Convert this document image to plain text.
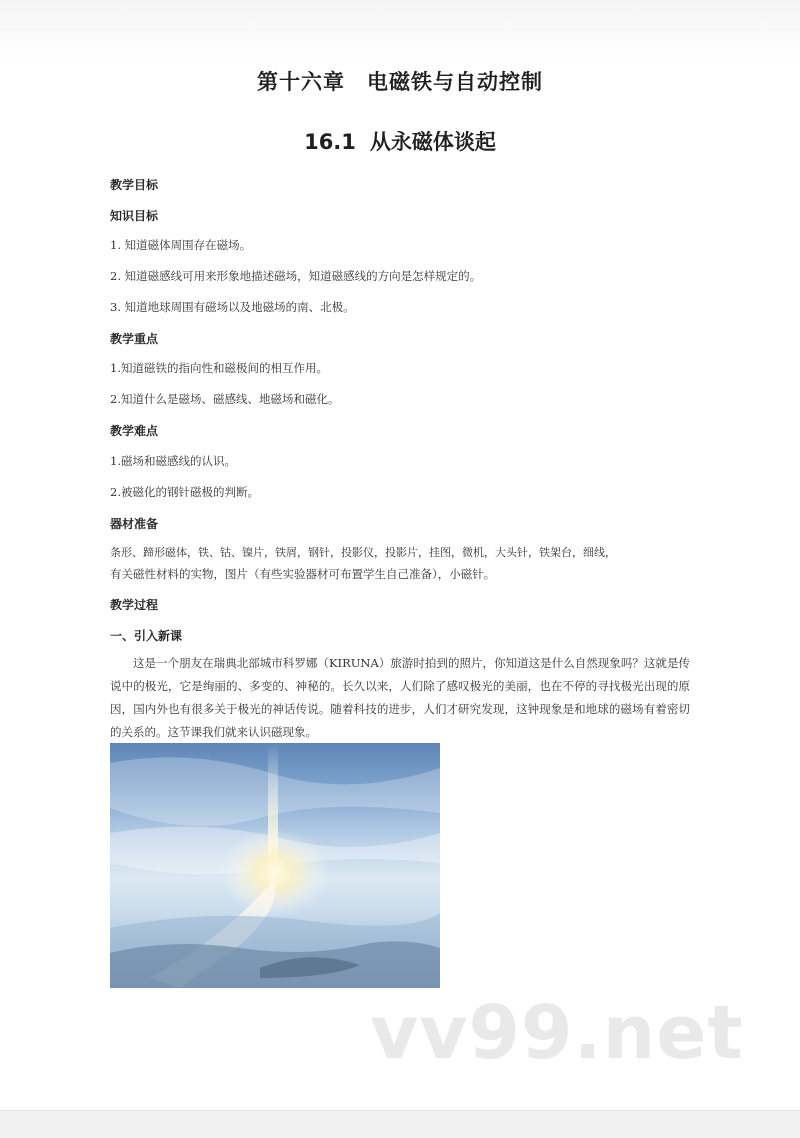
第十六章 电磁铁与自动控制
16.1 从永磁体谈起
教学目标
知识目标
1. 知道磁体周围存在磁场。
2. 知道磁感线可用来形象地描述磁场，知道磁感线的方向是怎样规定的。
3. 知道地球周围有磁场以及地磁场的南、北极。
教学重点
1.知道磁铁的指向性和磁极间的相互作用。
2.知道什么是磁场、磁感线、地磁场和磁化。
教学难点
1.磁场和磁感线的认识。
2.被磁化的钢针磁极的判断。
器材准备
条形、蹄形磁体，铁、钴、镍片，铁屑，钢针，投影仪，投影片，挂图，微机，大头针，铁架台，细线，
有关磁性材料的实物，图片（有些实验器材可布置学生自己准备），小磁针。
教学过程
一、引入新课
这是一个朋友在瑞典北部城市科罗娜（KIRUNA）旅游时拍到的照片，你知道这是什么自然现象吗？这就是传说中的极光，它是绚丽的、多变的、神秘的。长久以来，人们除了感叹极光的美丽，也在不停的寻找极光出现的原因，国内外也有很多关于极光的神话传说。随着科技的进步，人们才研究发现，这钟现象是和地球的磁场有着密切的关系的。这节课我们就来认识磁现象。
vv99.net
